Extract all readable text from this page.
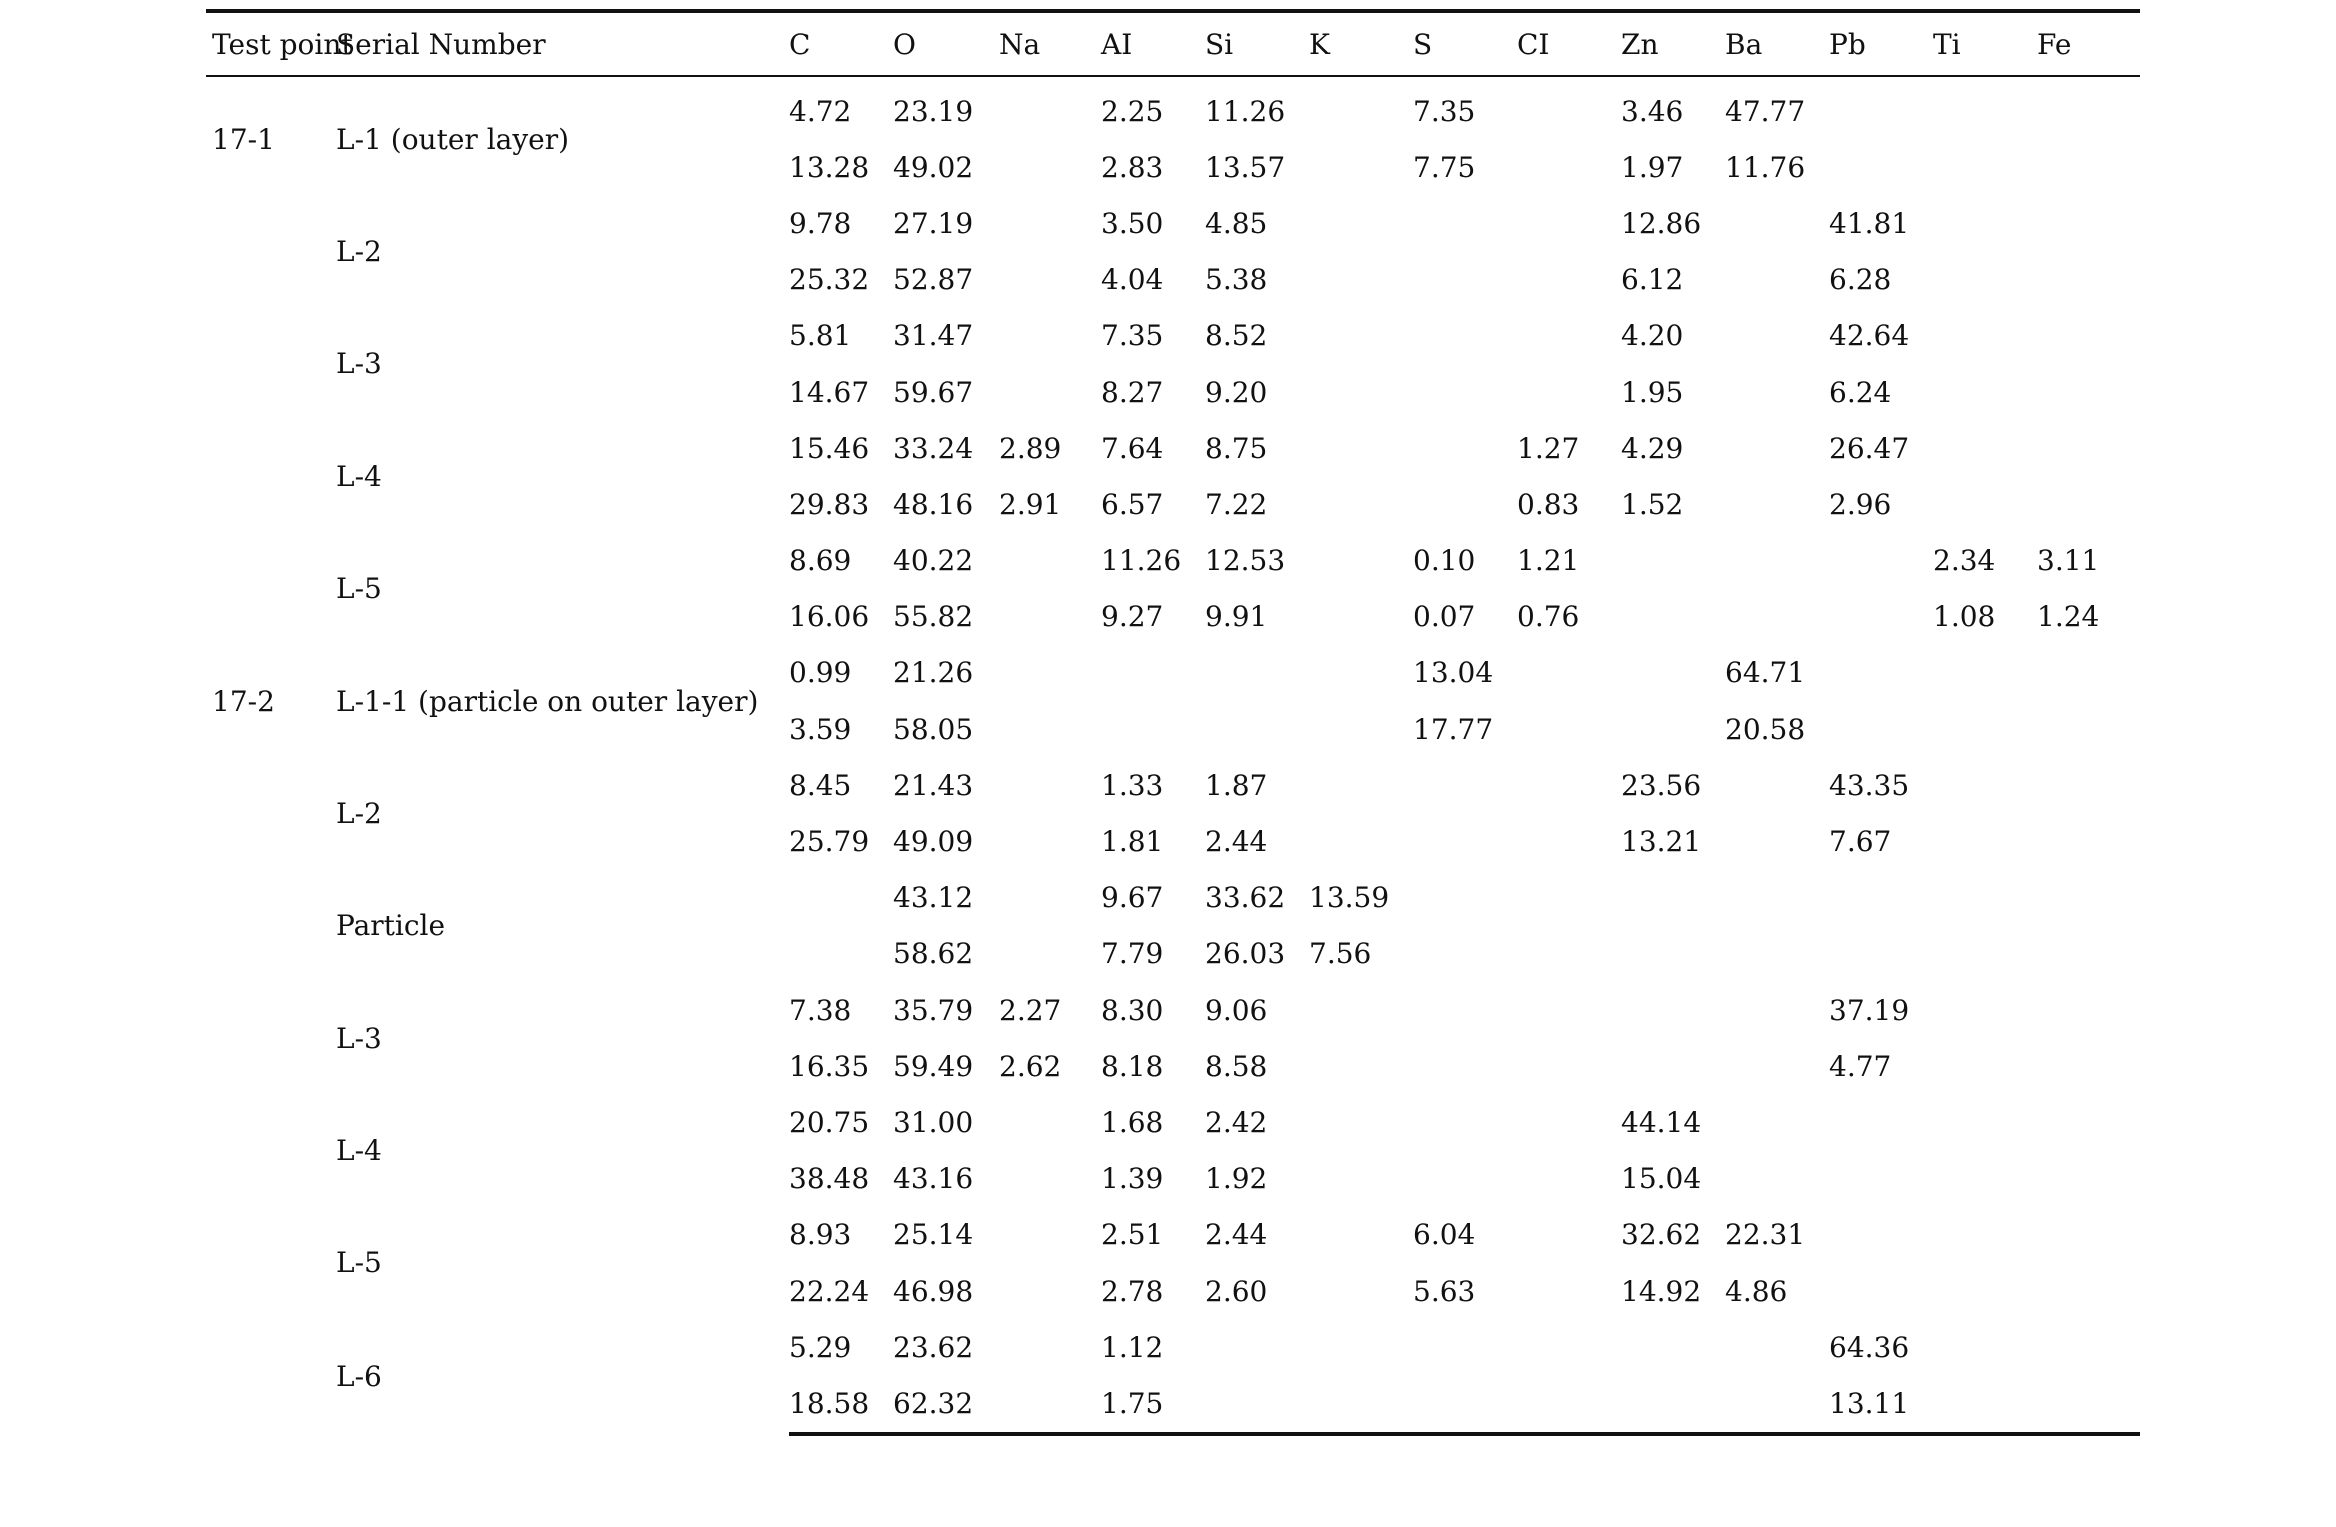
Test point	Serial Number	C	O	Na	AI	Si	K	S	CI	Zn	Ba	Pb	Ti	Fe
17-1	L-1 (outer layer)	4.72	23.19		2.25	11.26		7.35		3.46	47.77			
		13.28	49.02		2.83	13.57		7.75		1.97	11.76			
	L-2	9.78	27.19		3.50	4.85				12.86		41.81		
		25.32	52.87		4.04	5.38				6.12		6.28		
	L-3	5.81	31.47		7.35	8.52				4.20		42.64		
		14.67	59.67		8.27	9.20				1.95		6.24		
	L-4	15.46	33.24	2.89	7.64	8.75			1.27	4.29		26.47		
		29.83	48.16	2.91	6.57	7.22			0.83	1.52		2.96		
	L-5	8.69	40.22		11.26	12.53		0.10	1.21				2.34	3.11
		16.06	55.82		9.27	9.91		0.07	0.76				1.08	1.24
17-2	L-1-1 (particle on outer layer)	0.99	21.26					13.04			64.71			
		3.59	58.05					17.77			20.58			
	L-2	8.45	21.43		1.33	1.87				23.56		43.35		
		25.79	49.09		1.81	2.44				13.21		7.67		
	Particle		43.12		9.67	33.62	13.59							
			58.62		7.79	26.03	7.56							
	L-3	7.38	35.79	2.27	8.30	9.06						37.19		
		16.35	59.49	2.62	8.18	8.58						4.77		
	L-4	20.75	31.00		1.68	2.42				44.14				
		38.48	43.16		1.39	1.92				15.04				
	L-5	8.93	25.14		2.51	2.44		6.04		32.62	22.31			
		22.24	46.98		2.78	2.60		5.63		14.92	4.86			
	L-6	5.29	23.62		1.12							64.36		
		18.58	62.32		1.75							13.11		
